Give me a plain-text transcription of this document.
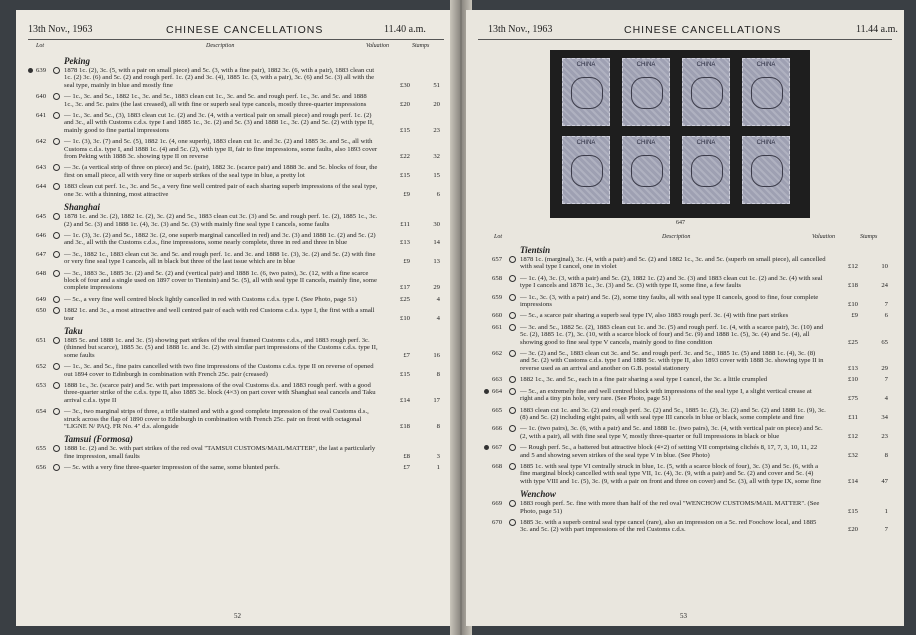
13th Nov., 1963	CHINESE CANCELLATIONS	11.40 a.m.
Lot	Description	Valuation	Stamps
Peking
639	1878 1c. (2), 3c. (5, with a pair on small piece) and 5c. (3, with a fine pair), 1882 3c. (6, with a pair), 1883 clean cut 1c. (2) 3c. (6) and 5c. (2) and rough perf. 1c. (2) and 3c. (4), 1885 1c. (3, with a pair), 3c. (6) and 5c. (3) all with the seal type, mainly in blue and mostly fine	£30	51
640	— 1c., 3c. and 5c., 1882 1c., 3c. and 5c., 1883 clean cut 1c., 3c. and 5c. and rough perf. 1c., 3c. and 5c. and 1888 1c., 3c. and 5c. pairs (the last creased), all with fine or superb seal type cancels, mostly three-quarter impressions	£20	20
641	— 1c., 3c. and 5c., (3), 1883 clean cut 1c. (2) and 3c. (4, with a vertical pair on small piece) and rough perf. 1c. (2) and 3c., all with Customs c.d.s. type I and 1885 1c., 3c. (2) and 5c. (3) and 1888 1c., 3c. (2) and 5c. (2) with type II, mainly good to fine partial impressions	£15	23
642	— 1c. (3), 3c. (7) and 5c. (5), 1882 1c. (4, one superb), 1883 clean cut 1c. and 3c. (2) and 1885 3c. and 5c., all with Customs c.d.s. type I, and 1888 1c. (4) and 5c. (2), with type II, fair to fine impressions, some faults, also 1893 cover from Peking with 1888 3c. showing type II on reverse	£22	32
643	— 3c. (a vertical strip of three on piece) and 5c. (pair), 1882 3c. (scarce pair) and 1888 3c. and 5c. blocks of four, the first on small piece, all with very fine or superb strikes of the seal type in blue, a pretty lot	£15	15
644	1883 clean cut perf. 1c., 3c. and 5c., a very fine well centred pair of each sharing superb impressions of the seal type, one 3c. with a thinning, most attractive	£9	6
Shanghai
645	1878 1c. and 3c. (2), 1882 1c. (2), 3c. (2) and 5c., 1883 clean cut 3c. (3) and 5c. and rough perf. 1c. (2), 1885 1c., 3c. (2) and 5c. (3) and 1888 1c. (4), 3c. (3) and 5c. (3) with mainly fine seal type I cancels, some faults	£11	30
646	— 1c. (3), 3c. (2) and 5c., 1882 3c. (2, one superb marginal cancelled in red) and 3c. (3) and 1888 1c. (2) and 5c. (2) and 3c., all with the Customs c.d.s., fine impressions, some nearly complete, three in red and three in blue	£13	14
647	— 3c., 1882 1c., 1883 clean cut 3c. and 5c. and rough perf. 1c. and 3c. and 1888 1c. (3), 3c. (2) and 5c. (2) with fine or very fine seal type I cancels, all in black but three of the last issue which are in blue	£9	13
648	— 3c., 1883 3c., 1885 3c. (2) and 5c. (2) and (vertical pair) and 1888 1c. (6, two pairs), 3c. (12, with a fine scarce block of four and a single used on 1897 cover to Tientsin) and 5c. (5), all with seal type II cancels, mainly fine, some complete impressions	£17	29
649	— 5c., a very fine well centred block lightly cancelled in red with Customs c.d.s. type I. (See Photo, page 51)	£25	4
650	1882 1c. and 3c., a most attractive and well centred pair of each with red Customs c.d.s. type I, the first with a small tear	£10	4
Taku
651	1885 5c. and 1888 1c. and 3c. (5) showing part strikes of the oval framed Customs c.d.s., and 1883 rough perf. 3c. (thinned but scarce), 1885 3c. (5) and 1888 1c. and 3c. (2) with similar part impressions of the Customs c.d.s. type II, some faults	£7	16
652	— 1c., 3c. and 5c., fine pairs cancelled with two fine impressions of the Customs c.d.s. type II on reverse of opened out 1894 cover to Edinburgh in combination with French 25c. pair (creased)	£15	8
653	1888 1c., 3c. (scarce pair) and 5c. with part impressions of the oval Customs d.s. and 1883 rough perf. with a good three-quarter strike of the c.d.s. type II, also 1885 3c. block (4×3) on part cover with Shanghai seal cancels and Taku arrival c.d.s. type II	£14	17
654	— 3c., two marginal strips of three, a trifle stained and with a good complete impression of the oval Customs d.s., struck across the flap of 1890 cover to Edinburgh in combination with French 25c. pair on front with octagonal "LIGNE N/ PAQ. FR No. 4" d.s. alongside	£18	8
Tamsui (Formosa)
655	1888 1c. (2) and 3c. with part strikes of the red oval "TAMSUI CUSTOMS/MAIL/MATTER", the last a particularly fine impression, small faults	£8	3
656	— 5c. with a very fine three-quarter impression of the same, some blunted perfs.	£7	1
52
13th Nov., 1963	CHINESE CANCELLATIONS	11.44 a.m.
CHINA	CHINA	CHINA	CHINA
CHINA	CHINA	CHINA	CHINA
647
Lot	Description	Valuation	Stamps
Tientsin
657	1878 1c. (marginal), 3c. (4, with a pair) and 5c. (2) and 1882 1c., 3c. and 5c. (superb on small piece), all cancelled with seal type I cancel, one in violet	£12	10
658	— 1c. (4), 3c. (3, with a pair) and 5c. (2), 1882 1c. (2) and 3c. (3) and 1883 clean cut 1c. (2) and 3c. (4) with seal type I cancels and 1878 1c., 3c. (3) and 5c. (3) with type II, some fine, a few faults	£18	24
659	— 1c., 3c. (3, with a pair) and 5c. (2), some tiny faults, all with seal type II cancels, good to fine, four complete impressions	£10	7
660	— 5c., a scarce pair sharing a superb seal type IV, also 1883 rough perf. 3c. (4) with fine part strikes	£9	6
661	— 3c. and 5c., 1882 5c. (2), 1883 clean cut 1c. and 3c. (5) and rough perf. 1c. (4, with a scarce pair), 3c. (10) and 5c. (2), 1885 1c. (7), 3c. (10, with a scarce block of four) and 5c. (9) and 1888 1c. (5), 3c. (4) and 5c. (4), all showing good to fine seal type V cancels, mainly good to fine condition	£25	65
662	— 3c. (2) and 5c., 1883 clean cut 3c. and 5c. and rough perf. 3c. and 5c., 1885 1c. (5) and 1888 1c. (4), 3c. (8) and 5c. (2) with Customs c.d.s. type I and 1888 5c. with type II, also 1893 cover with 1888 3c. showing type II in reverse used as an arrival and another on G.B. postal stationery	£13	29
663	1882 1c., 3c. and 5c., each in a fine pair sharing a seal type I cancel, the 3c. a little crumpled	£10	7
664	— 5c., an extremely fine and well centred block with impressions of the seal type I, a slight vertical crease at right and a tiny pin hole, very rare. (See Photo, page 51)	£75	4
665	1883 clean cut 1c. and 3c. (2) and rough perf. 3c. (2) and 5c., 1885 1c. (2), 3c. (2) and 5c. (2) and 1888 1c. (9), 3c. (8) and 5c. (2) including eight pairs, all with seal type III cancels in blue or black, some complete and fine	£11	34
666	— 1c. (two pairs), 3c. (6, with a pair) and 5c. and 1888 1c. (two pairs), 3c. (4, with vertical pair on piece) and 5c. (2, with a pair), all with fine seal type V, mostly three-quarter or full impressions in black or blue	£12	23
667	— Rough perf. 5c., a battered but attractive block (4×2) of setting VII comprising clichés 8, 17, 7, 3, 10, 11, 22 and 5 and showing seven strikes of the seal type V in blue. (See Photo)	£32	8
668	1885 1c. with seal type VI centrally struck in blue, 1c. (5, with a scarce block of four), 3c. (3) and 5c. (6, with a fine marginal block) cancelled with seal type VII, 1c. (4), 3c. (9, with a pair) and 5c. (2) and cover and 5c. (4) with type VIII and 1c. (5), 3c. (9, with a pair on front and three on cover) and 5c. (3), all with type IX, some fine	£14	47
Wenchow
669	1883 rough perf. 5c. fine with more than half of the red oval "WENCHOW CUSTOMS/MAIL MATTER". (See Photo, page 51)	£15	1
670	1885 3c. with a superb central seal type cancel (rare), also an impression on a 5c. red Foochow local, and 1885 3c. and 5c. (2) with part impressions of the red Customs c.d.s.	£20	7
53
